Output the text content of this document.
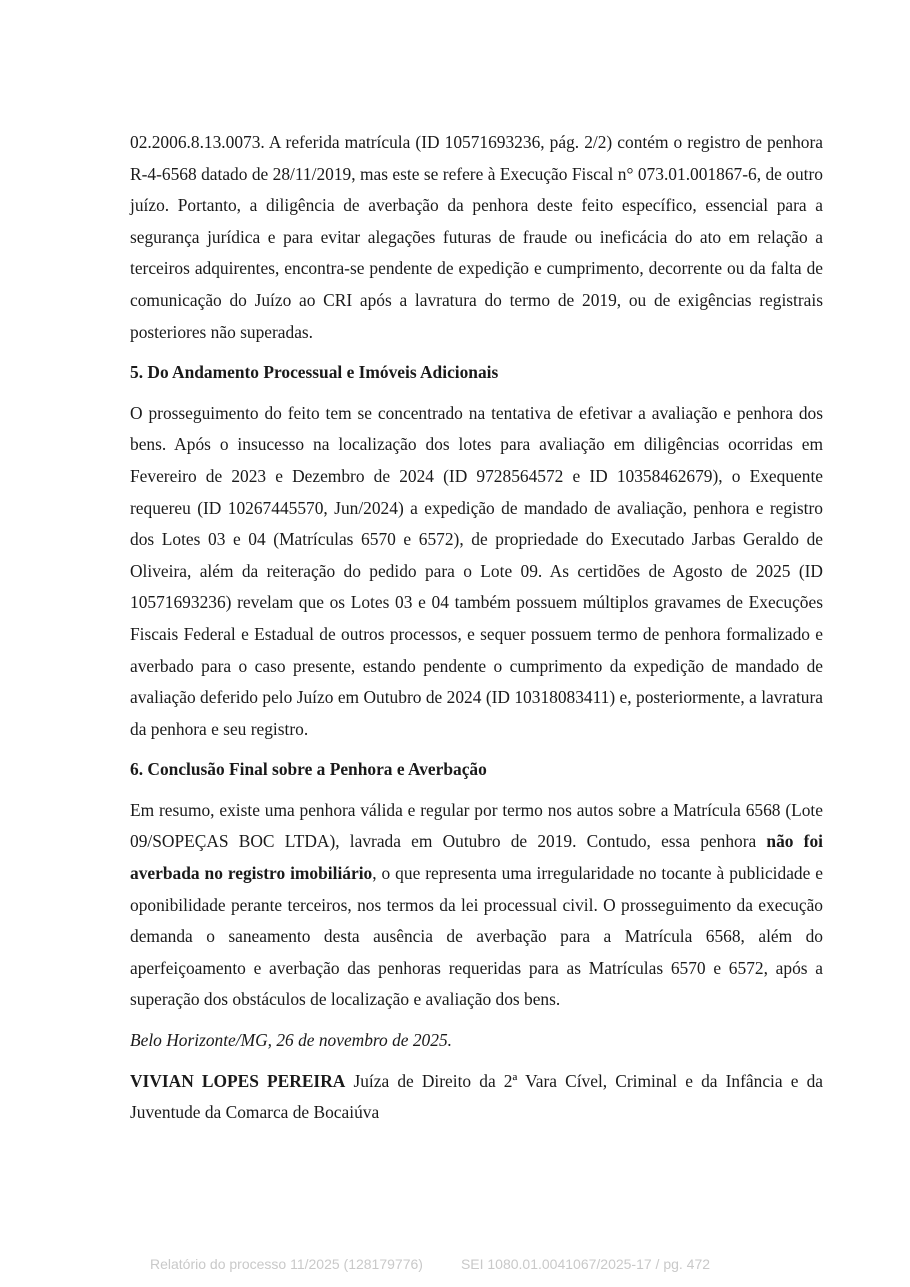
02.2006.8.13.0073. A referida matrícula (ID 10571693236, pág. 2/2) contém o registro de penhora R-4-6568 datado de 28/11/2019, mas este se refere à Execução Fiscal n° 073.01.001867-6, de outro juízo. Portanto, a diligência de averbação da penhora deste feito específico, essencial para a segurança jurídica e para evitar alegações futuras de fraude ou ineficácia do ato em relação a terceiros adquirentes, encontra-se pendente de expedição e cumprimento, decorrente ou da falta de comunicação do Juízo ao CRI após a lavratura do termo de 2019, ou de exigências registrais posteriores não superadas.

5. Do Andamento Processual e Imóveis Adicionais

O prosseguimento do feito tem se concentrado na tentativa de efetivar a avaliação e penhora dos bens. Após o insucesso na localização dos lotes para avaliação em diligências ocorridas em Fevereiro de 2023 e Dezembro de 2024 (ID 9728564572 e ID 10358462679), o Exequente requereu (ID 10267445570, Jun/2024) a expedição de mandado de avaliação, penhora e registro dos Lotes 03 e 04 (Matrículas 6570 e 6572), de propriedade do Executado Jarbas Geraldo de Oliveira, além da reiteração do pedido para o Lote 09. As certidões de Agosto de 2025 (ID 10571693236) revelam que os Lotes 03 e 04 também possuem múltiplos gravames de Execuções Fiscais Federal e Estadual de outros processos, e sequer possuem termo de penhora formalizado e averbado para o caso presente, estando pendente o cumprimento da expedição de mandado de avaliação deferido pelo Juízo em Outubro de 2024 (ID 10318083411) e, posteriormente, a lavratura da penhora e seu registro.

6. Conclusão Final sobre a Penhora e Averbação

Em resumo, existe uma penhora válida e regular por termo nos autos sobre a Matrícula 6568 (Lote 09/SOPEÇAS BOC LTDA), lavrada em Outubro de 2019. Contudo, essa penhora não foi averbada no registro imobiliário, o que representa uma irregularidade no tocante à publicidade e oponibilidade perante terceiros, nos termos da lei processual civil. O prosseguimento da execução demanda o saneamento desta ausência de averbação para a Matrícula 6568, além do aperfeiçoamento e averbação das penhoras requeridas para as Matrículas 6570 e 6572, após a superação dos obstáculos de localização e avaliação dos bens.

Belo Horizonte/MG, 26 de novembro de 2025.

VIVIAN LOPES PEREIRA Juíza de Direito da 2ª Vara Cível, Criminal e da Infância e da Juventude da Comarca de Bocaiúva

Relatório do processo 11/2025 (128179776)	SEI 1080.01.0041067/2025-17 / pg. 472
